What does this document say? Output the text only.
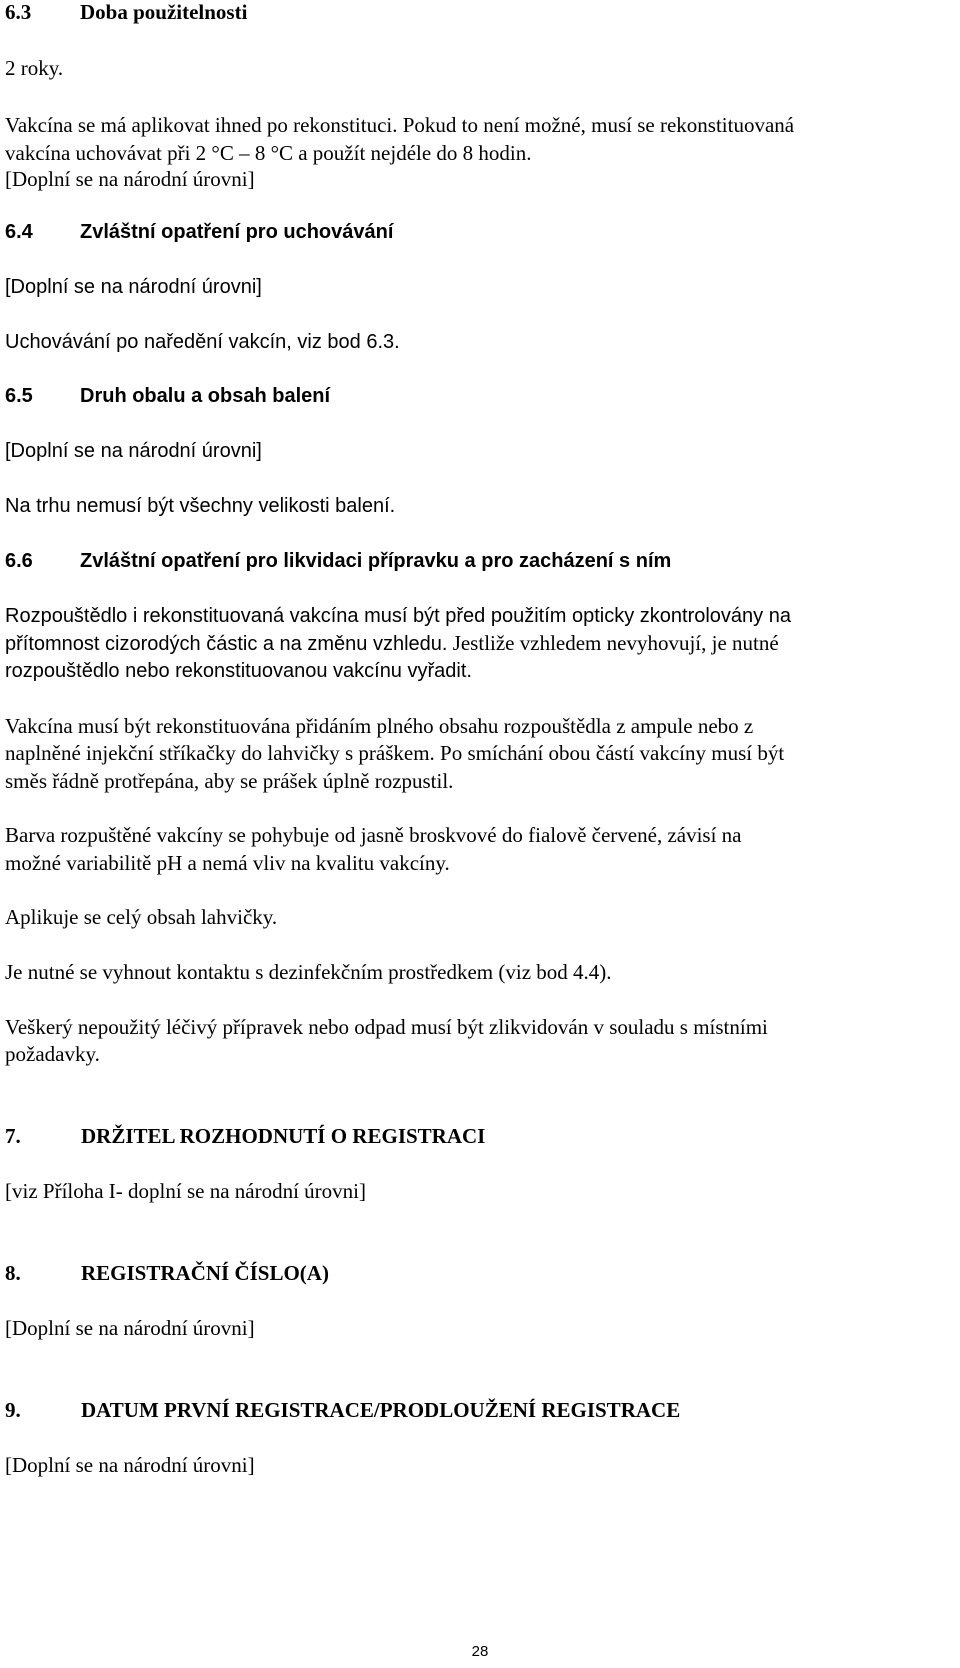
6.3 Doba použitelnosti
2 roky.
Vakcína se má aplikovat ihned po rekonstituci. Pokud to není možné, musí se rekonstituovaná
vakcína uchovávat při 2 °C – 8 °C a použít nejdéle do 8 hodin.
[Doplní se na národní úrovni]
6.4 Zvláštní opatření pro uchovávání
[Doplní se na národní úrovni]
Uchovávání po naředění vakcín, viz bod 6.3.
6.5 Druh obalu a obsah balení
[Doplní se na národní úrovni]
Na trhu nemusí být všechny velikosti balení.
6.6 Zvláštní opatření pro likvidaci přípravku a pro zacházení s ním
Rozpouštědlo i rekonstituovaná vakcína musí být před použitím opticky zkontrolovány na
přítomnost cizorodých částic a na změnu vzhledu. Jestliže vzhledem nevyhovují, je nutné
rozpouštědlo nebo rekonstituovanou vakcínu vyřadit.
Vakcína musí být rekonstituována přidáním plného obsahu rozpouštědla z ampule nebo z
naplněné injekční stříkačky do lahvičky s práškem. Po smíchání obou částí vakcíny musí být
směs řádně protřepána, aby se prášek úplně rozpustil.
Barva rozpuštěné vakcíny se pohybuje od jasně broskvové do fialově červené, závisí na
možné variabilitě pH a nemá vliv na kvalitu vakcíny.
Aplikuje se celý obsah lahvičky.
Je nutné se vyhnout kontaktu s dezinfekčním prostředkem (viz bod 4.4).
Veškerý nepoužitý léčivý přípravek nebo odpad musí být zlikvidován v souladu s místními
požadavky.
7.	DRŽITEL ROZHODNUTÍ O REGISTRACI
[viz Příloha I- doplní se na národní úrovni]
8.	REGISTRAČNÍ ČÍSLO(A)
[Doplní se na národní úrovni]
9.	DATUM PRVNÍ REGISTRACE/PRODLOUŽENÍ REGISTRACE
[Doplní se na národní úrovni]
28
